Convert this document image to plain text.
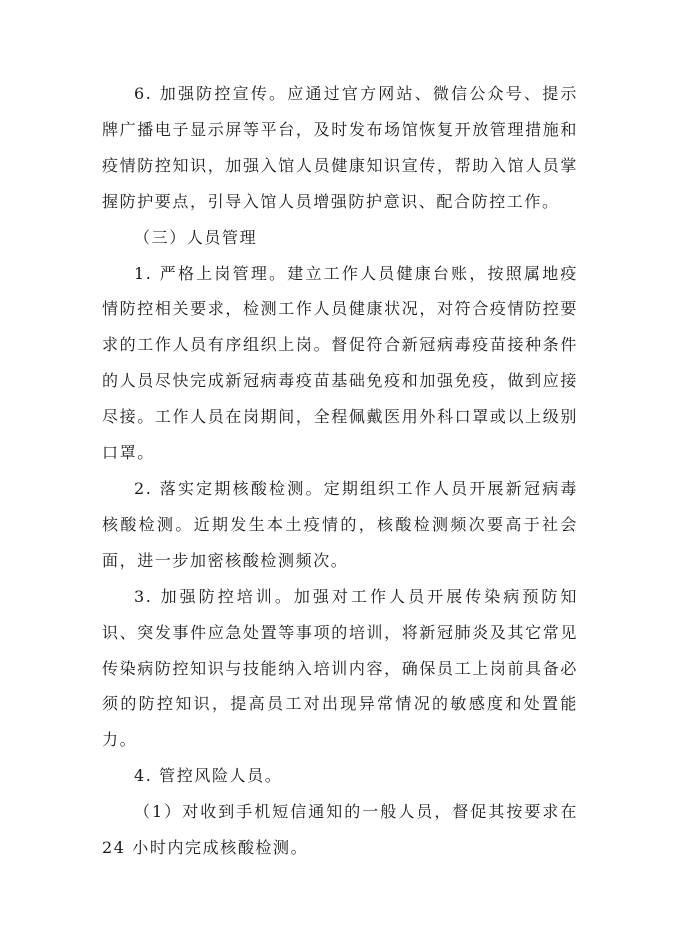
6. 加强防控宣传。应通过官方网站、微信公众号、提示牌广播电子显示屏等平台，及时发布场馆恢复开放管理措施和疫情防控知识，加强入馆人员健康知识宣传，帮助入馆人员掌握防护要点，引导入馆人员增强防护意识、配合防控工作。

（三）人员管理

1. 严格上岗管理。建立工作人员健康台账，按照属地疫情防控相关要求，检测工作人员健康状况，对符合疫情防控要求的工作人员有序组织上岗。督促符合新冠病毒疫苗接种条件的人员尽快完成新冠病毒疫苗基础免疫和加强免疫，做到应接尽接。工作人员在岗期间，全程佩戴医用外科口罩或以上级别口罩。

2. 落实定期核酸检测。定期组织工作人员开展新冠病毒核酸检测。近期发生本土疫情的，核酸检测频次要高于社会面，进一步加密核酸检测频次。

3. 加强防控培训。加强对工作人员开展传染病预防知识、突发事件应急处置等事项的培训，将新冠肺炎及其它常见传染病防控知识与技能纳入培训内容，确保员工上岗前具备必须的防控知识，提高员工对出现异常情况的敏感度和处置能力。

4. 管控风险人员。

（1）对收到手机短信通知的一般人员，督促其按要求在 24 小时内完成核酸检测。
